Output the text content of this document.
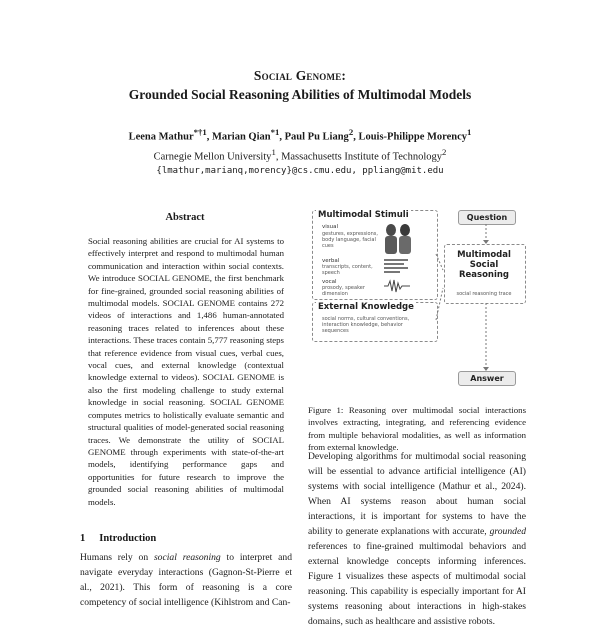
Social Genome:
Grounded Social Reasoning Abilities of Multimodal Models
Leena Mathur$^{*\dagger 1}$, Marian Qian$^{*1}$, Paul Pu Liang$^2$, Louis-Philippe Morency$^1$
Carnegie Mellon University$^1$, Massachusetts Institute of Technology$^2$
{lmathur,marianq,morency}@cs.cmu.edu, ppliang@mit.edu
Abstract
Social reasoning abilities are crucial for AI systems to effectively interpret and respond to multimodal human communication and interaction within social contexts. We introduce SOCIAL GENOME, the first benchmark for fine-grained, grounded social reasoning abilities of multimodal models. SOCIAL GENOME contains 272 videos of interactions and 1,486 human-annotated reasoning traces related to inferences about these interactions. These traces contain 5,777 reasoning steps that reference evidence from visual cues, verbal cues, vocal cues, and external knowledge (contextual knowledge external to videos). SOCIAL GENOME is also the first modeling challenge to study external knowledge in social reasoning. SOCIAL GENOME computes metrics to holistically evaluate semantic and structural qualities of model-generated social reasoning traces. We demonstrate the utility of SOCIAL GENOME through experiments with state-of-the-art models, identifying performance gaps and opportunities for future research to improve the grounded social reasoning abilities of multimodal models.
1 Introduction
Humans rely on social reasoning to interpret and navigate everyday interactions (Gagnon-St-Pierre et al., 2021). This form of reasoning is a core competency of social intelligence (Kihlstrom and Can-
Multimodal Stimuli
visual
gestures, expressions, body language, facial cues
verbal
transcripts, content, speech
vocal
prosody, speaker dimension
External Knowledge
social norms, cultural conventions, interaction knowledge, behavior sequences
Question
Multimodal Social Reasoning
social reasoning trace
Answer
Figure 1: Reasoning over multimodal social interactions involves extracting, integrating, and referencing evidence from multiple behavioral modalities, as well as information from external knowledge.
Developing algorithms for multimodal social reasoning will be essential to advance artificial intelligence (AI) systems with social intelligence (Mathur et al., 2024). When AI systems reason about human social interactions, it is important for systems to have the ability to generate explanations with accurate, grounded references to fine-grained multimodal behaviors and external knowledge concepts informing inferences. Figure 1 visualizes these aspects of multimodal social reasoning. This capability is especially important for AI systems reasoning about interactions in high-stakes domains, such as healthcare and assistive robots.
